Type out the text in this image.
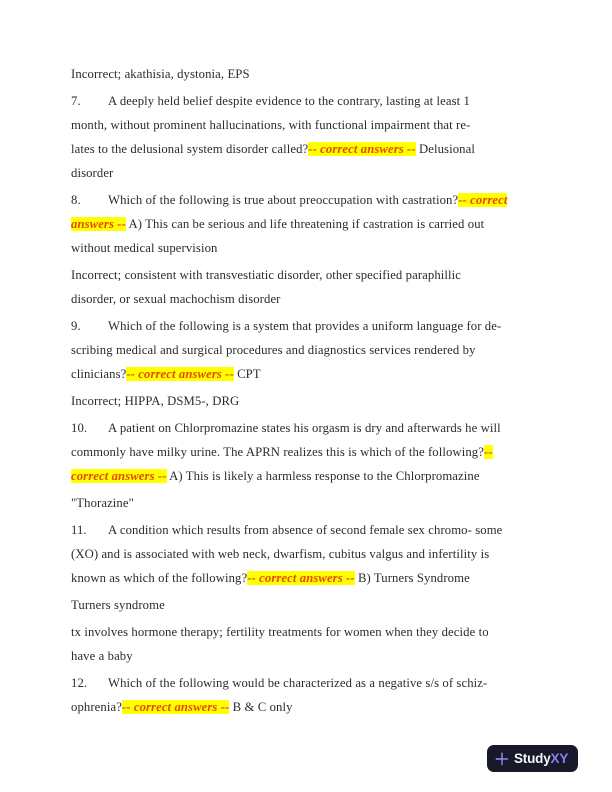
Incorrect; akathisia, dystonia, EPS
7. A deeply held belief despite evidence to the contrary, lasting at least 1
month, without prominent hallucinations, with functional impairment that re-
lates to the delusional system disorder called?-- correct answers -- Delusional
disorder
8. Which of the following is true about preoccupation with castration?-- correct
answers -- A) This can be serious and life threatening if castration is carried out
without medical supervision
Incorrect; consistent with transvestiatic disorder, other specified paraphillic
disorder, or sexual machochism disorder
9. Which of the following is a system that provides a uniform language for de-
scribing medical and surgical procedures and diagnostics services rendered by
clinicians?-- correct answers -- CPT
Incorrect; HIPPA, DSM5-, DRG
10. A patient on Chlorpromazine states his orgasm is dry and afterwards he will
commonly have milky urine. The APRN realizes this is which of the following?--
correct answers -- A) This is likely a harmless response to the Chlorpromazine
"Thorazine"
11. A condition which results from absence of second female sex chromo- some
(XO) and is associated with web neck, dwarfism, cubitus valgus and infertility is
known as which of the following?-- correct answers -- B) Turners Syndrome
Turners syndrome
tx involves hormone therapy; fertility treatments for women when they decide to
have a baby
12. Which of the following would be characterized as a negative s/s of schiz-
ophrenia?-- correct answers -- B & C only
StudyXY
